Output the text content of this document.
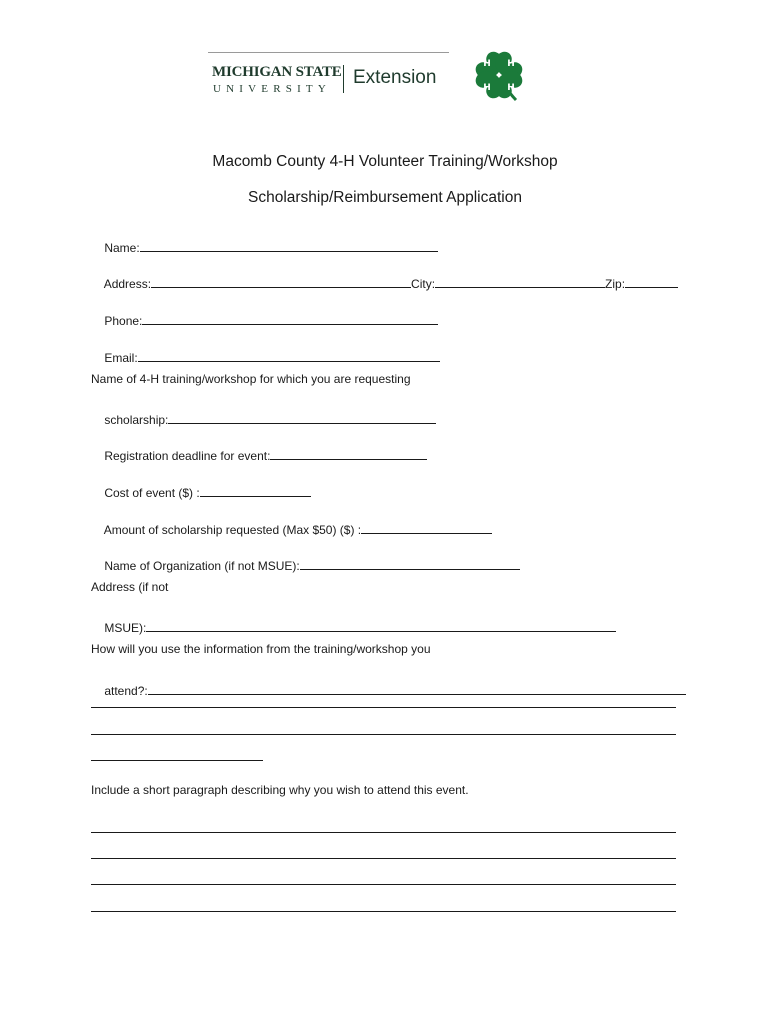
MICHIGAN STATE
UNIVERSITY
Extension
H H
H H
Macomb County 4-H Volunteer Training/Workshop
Scholarship/Reimbursement Application

Name:

Address:	City:	Zip:

Phone:

Email:

Name of 4-H training/workshop for which you are requesting

scholarship:

Registration deadline for event:

Cost of event ($) :

Amount of scholarship requested (Max $50) ($) :

Name of Organization (if not MSUE):

Address (if not

MSUE):

How will you use the information from the training/workshop you

attend?:

Include a short paragraph describing why you wish to attend this event.
